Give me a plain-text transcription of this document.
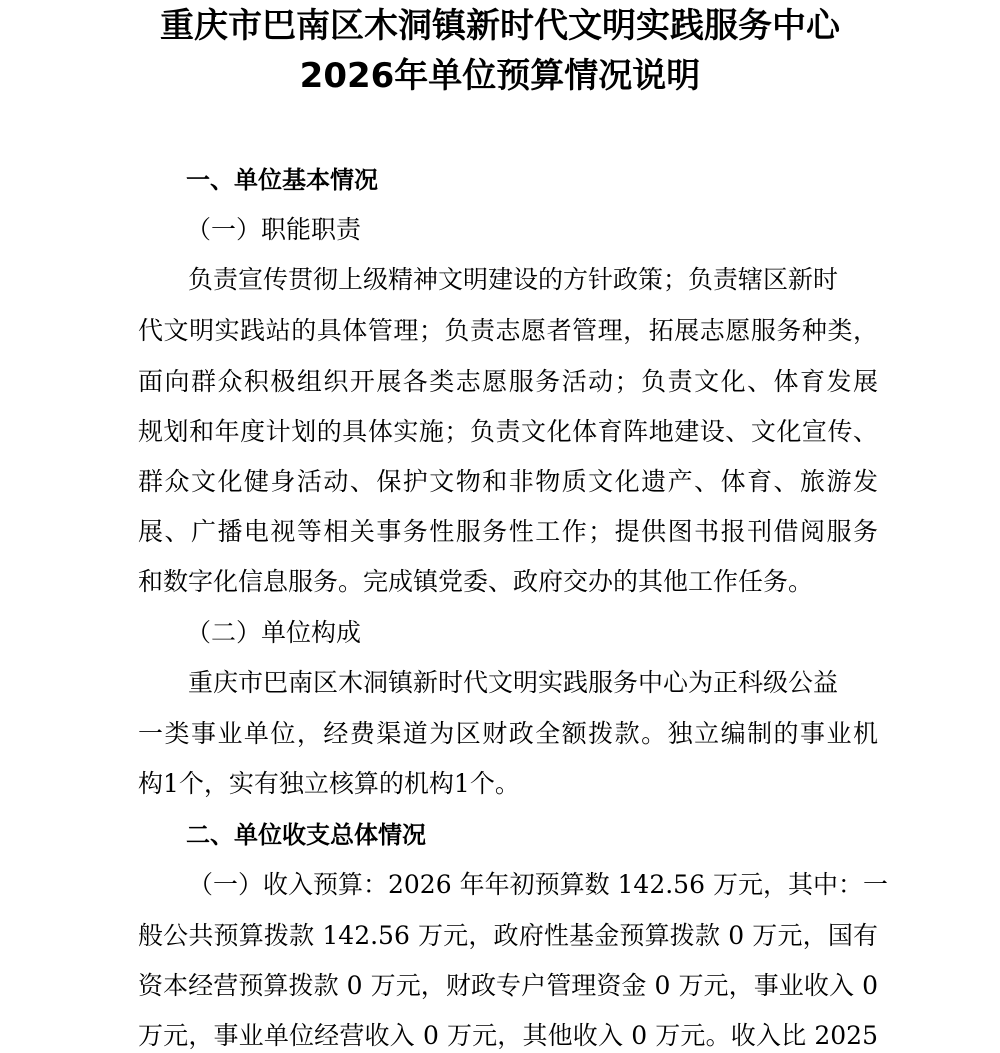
重庆市巴南区木洞镇新时代文明实践服务中心
2026年单位预算情况说明
一、单位基本情况
（一）职能职责
负责宣传贯彻上级精神文明建设的方针政策；负责辖区新时
代文明实践站的具体管理；负责志愿者管理，拓展志愿服务种类，
面向群众积极组织开展各类志愿服务活动；负责文化、体育发展
规划和年度计划的具体实施；负责文化体育阵地建设、文化宣传、
群众文化健身活动、保护文物和非物质文化遗产、体育、旅游发
展、广播电视等相关事务性服务性工作；提供图书报刊借阅服务
和数字化信息服务。完成镇党委、政府交办的其他工作任务。
（二）单位构成
重庆市巴南区木洞镇新时代文明实践服务中心为正科级公益
一类事业单位，经费渠道为区财政全额拨款。独立编制的事业机
构1个，实有独立核算的机构1个。
二、单位收支总体情况
（一）收入预算：2026 年年初预算数 142.56 万元，其中：一
般公共预算拨款 142.56 万元，政府性基金预算拨款 0 万元，国有
资本经营预算拨款 0 万元，财政专户管理资金 0 万元，事业收入 0
万元，事业单位经营收入 0 万元，其他收入 0 万元。收入比 2025
